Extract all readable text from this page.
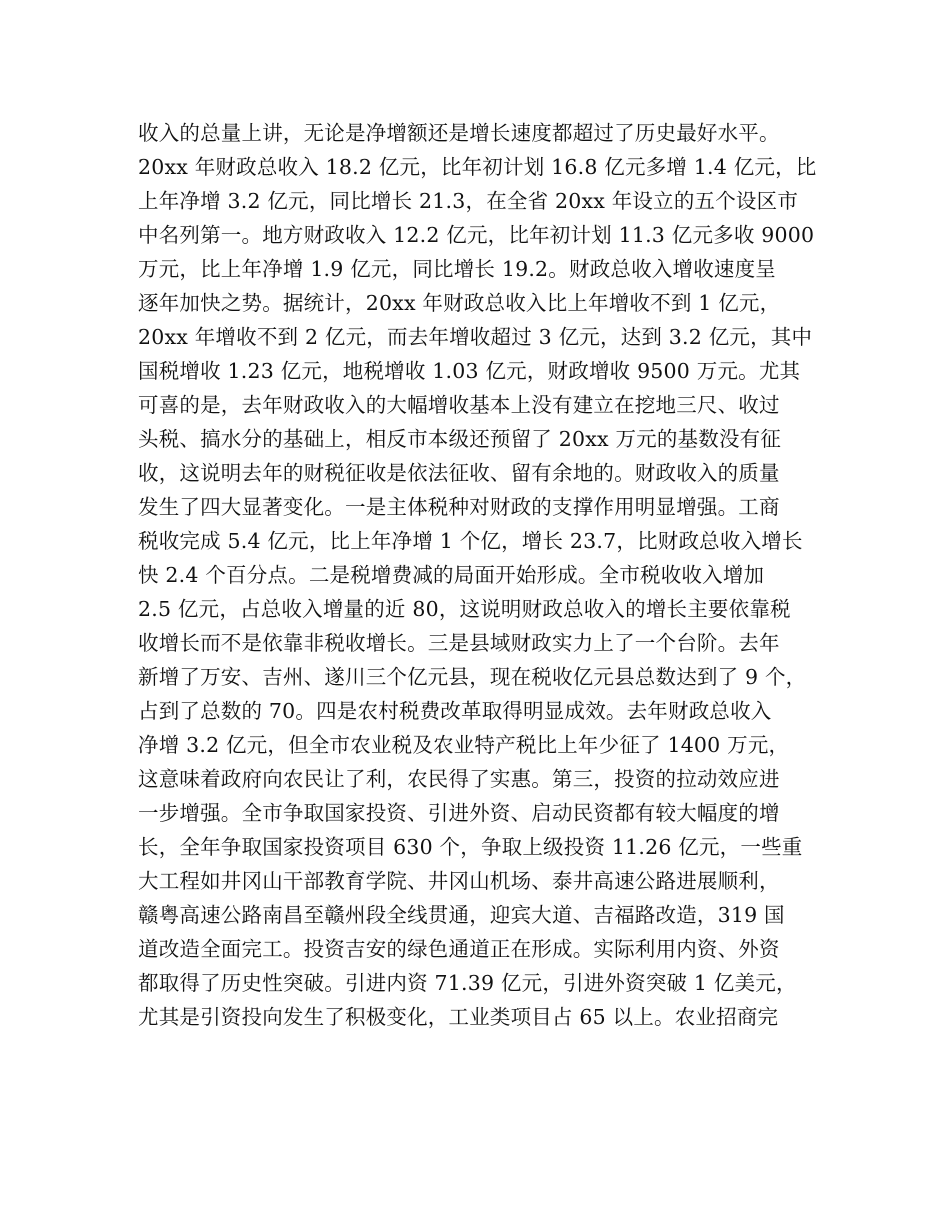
收入的总量上讲，无论是净增额还是增长速度都超过了历史最好水平。
20xx 年财政总收入 18.2 亿元，比年初计划 16.8 亿元多增 1.4 亿元，比
上年净增 3.2 亿元，同比增长 21.3，在全省 20xx 年设立的五个设区市
中名列第一。地方财政收入 12.2 亿元，比年初计划 11.3 亿元多收 9000
万元，比上年净增 1.9 亿元，同比增长 19.2。财政总收入增收速度呈
逐年加快之势。据统计，20xx 年财政总收入比上年增收不到 1 亿元，
20xx 年增收不到 2 亿元，而去年增收超过 3 亿元，达到 3.2 亿元，其中
国税增收 1.23 亿元，地税增收 1.03 亿元，财政增收 9500 万元。尤其
可喜的是，去年财政收入的大幅增收基本上没有建立在挖地三尺、收过
头税、搞水分的基础上，相反市本级还预留了 20xx 万元的基数没有征
收，这说明去年的财税征收是依法征收、留有余地的。财政收入的质量
发生了四大显著变化。一是主体税种对财政的支撑作用明显增强。工商
税收完成 5.4 亿元，比上年净增 1 个亿，增长 23.7，比财政总收入增长
快 2.4 个百分点。二是税增费减的局面开始形成。全市税收收入增加
2.5 亿元，占总收入增量的近 80，这说明财政总收入的增长主要依靠税
收增长而不是依靠非税收增长。三是县域财政实力上了一个台阶。去年
新增了万安、吉州、遂川三个亿元县，现在税收亿元县总数达到了 9 个，
占到了总数的 70。四是农村税费改革取得明显成效。去年财政总收入
净增 3.2 亿元，但全市农业税及农业特产税比上年少征了 1400 万元，
这意味着政府向农民让了利，农民得了实惠。第三，投资的拉动效应进
一步增强。全市争取国家投资、引进外资、启动民资都有较大幅度的增
长，全年争取国家投资项目 630 个，争取上级投资 11.26 亿元，一些重
大工程如井冈山干部教育学院、井冈山机场、泰井高速公路进展顺利，
赣粤高速公路南昌至赣州段全线贯通，迎宾大道、吉福路改造，319 国
道改造全面完工。投资吉安的绿色通道正在形成。实际利用内资、外资
都取得了历史性突破。引进内资 71.39 亿元，引进外资突破 1 亿美元，
尤其是引资投向发生了积极变化，工业类项目占 65 以上。农业招商完
